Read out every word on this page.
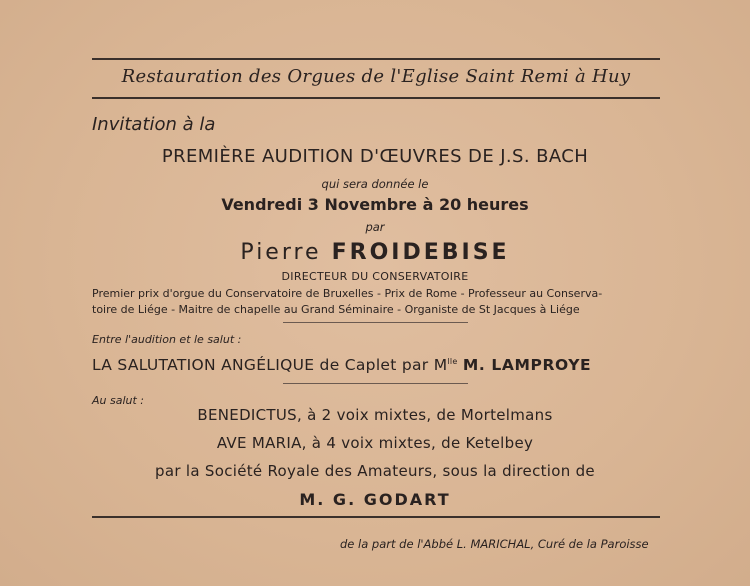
Restauration des Orgues de l'Eglise Saint Remi à Huy
Invitation à la
PREMIÈRE AUDITION D'ŒUVRES DE J.S. BACH
qui sera donnée le
Vendredi 3 Novembre à 20 heures
par
Pierre FROIDEBISE
DIRECTEUR DU CONSERVATOIRE
Premier prix d'orgue du Conservatoire de Bruxelles - Prix de Rome - Professeur au Conserva-
toire de Liége - Maitre de chapelle au Grand Séminaire - Organiste de St Jacques à Liége
Entre l'audition et le salut :
LA SALUTATION ANGÉLIQUE de Caplet par $M^{lle}$ M. LAMPROYE
Au salut :
BENEDICTUS, à 2 voix mixtes, de Mortelmans
AVE MARIA, à 4 voix mixtes, de Ketelbey
par la Société Royale des Amateurs, sous la direction de
M. G. GODART
de la part de l'Abbé L. MARICHAL, Curé de la Paroisse
